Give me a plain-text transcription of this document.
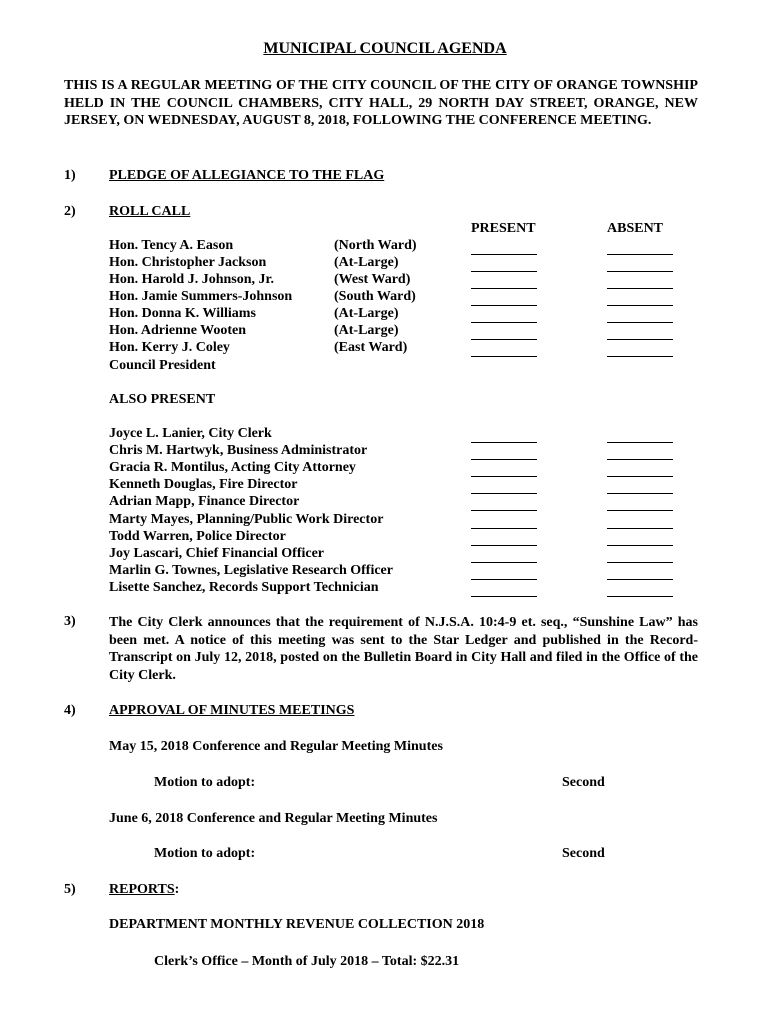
MUNICIPAL COUNCIL AGENDA
THIS IS A REGULAR MEETING OF THE CITY COUNCIL OF THE CITY OF ORANGE TOWNSHIP HELD IN THE COUNCIL CHAMBERS, CITY HALL, 29 NORTH DAY STREET, ORANGE, NEW JERSEY, ON WEDNESDAY, AUGUST 8, 2018, FOLLOWING THE CONFERENCE MEETING.
1) PLEDGE OF ALLEGIANCE TO THE FLAG
2) ROLL CALL
PRESENT	ABSENT
Hon. Tency A. Eason	(North Ward)
Hon. Christopher Jackson	(At-Large)
Hon. Harold J. Johnson, Jr.	(West Ward)
Hon. Jamie Summers-Johnson	(South Ward)
Hon. Donna K. Williams	(At-Large)
Hon. Adrienne Wooten	(At-Large)
Hon. Kerry J. Coley	(East Ward)
Council President
ALSO PRESENT
Joyce L. Lanier, City Clerk
Chris M. Hartwyk, Business Administrator
Gracia R. Montilus, Acting City Attorney
Kenneth Douglas, Fire Director
Adrian Mapp, Finance Director
Marty Mayes, Planning/Public Work Director
Todd Warren, Police Director
Joy Lascari, Chief Financial Officer
Marlin G. Townes, Legislative Research Officer
Lisette Sanchez, Records Support Technician
3) The City Clerk announces that the requirement of N.J.S.A. 10:4-9 et. seq., “Sunshine Law” has been met. A notice of this meeting was sent to the Star Ledger and published in the Record-Transcript on July 12, 2018, posted on the Bulletin Board in City Hall and filed in the Office of the City Clerk.
4) APPROVAL OF MINUTES MEETINGS
May 15, 2018 Conference and Regular Meeting Minutes
Motion to adopt:	Second
June 6, 2018 Conference and Regular Meeting Minutes
Motion to adopt:	Second
5) REPORTS:
DEPARTMENT MONTHLY REVENUE COLLECTION 2018
Clerk’s Office – Month of July 2018 – Total: $22.31
